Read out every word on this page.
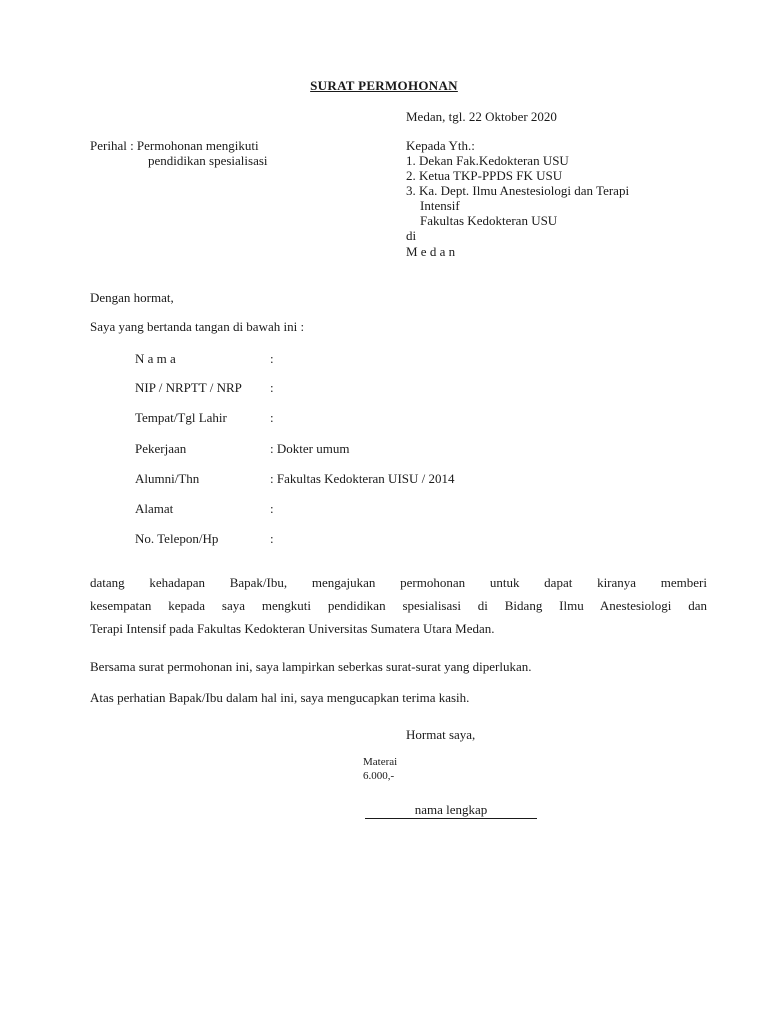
SURAT PERMOHONAN
Medan, tgl. 22 Oktober 2020
Perihal : Permohonan mengikuti
pendidikan spesialisasi
Kepada Yth.:
1. Dekan Fak.Kedokteran USU
2. Ketua TKP-PPDS FK USU
3. Ka. Dept. Ilmu Anestesiologi dan Terapi
Intensif
Fakultas Kedokteran USU
di
M e d a n
Dengan hormat,
Saya yang bertanda tangan di bawah ini :
N a m a	:
NIP / NRPTT / NRP :
Tempat/Tgl Lahir	:
Pekerjaan	: Dokter umum
Alumni/Thn	: Fakultas Kedokteran UISU / 2014
Alamat	:
No. Telepon/Hp	:
datang kehadapan Bapak/Ibu, mengajukan permohonan untuk dapat kiranya memberi
kesempatan kepada saya mengkuti pendidikan spesialisasi di Bidang Ilmu Anestesiologi dan
Terapi Intensif pada Fakultas Kedokteran Universitas Sumatera Utara Medan.
Bersama surat permohonan ini, saya lampirkan seberkas surat-surat yang diperlukan.
Atas perhatian Bapak/Ibu dalam hal ini, saya mengucapkan terima kasih.
Hormat saya,
Materai
6.000,-
nama lengkap
